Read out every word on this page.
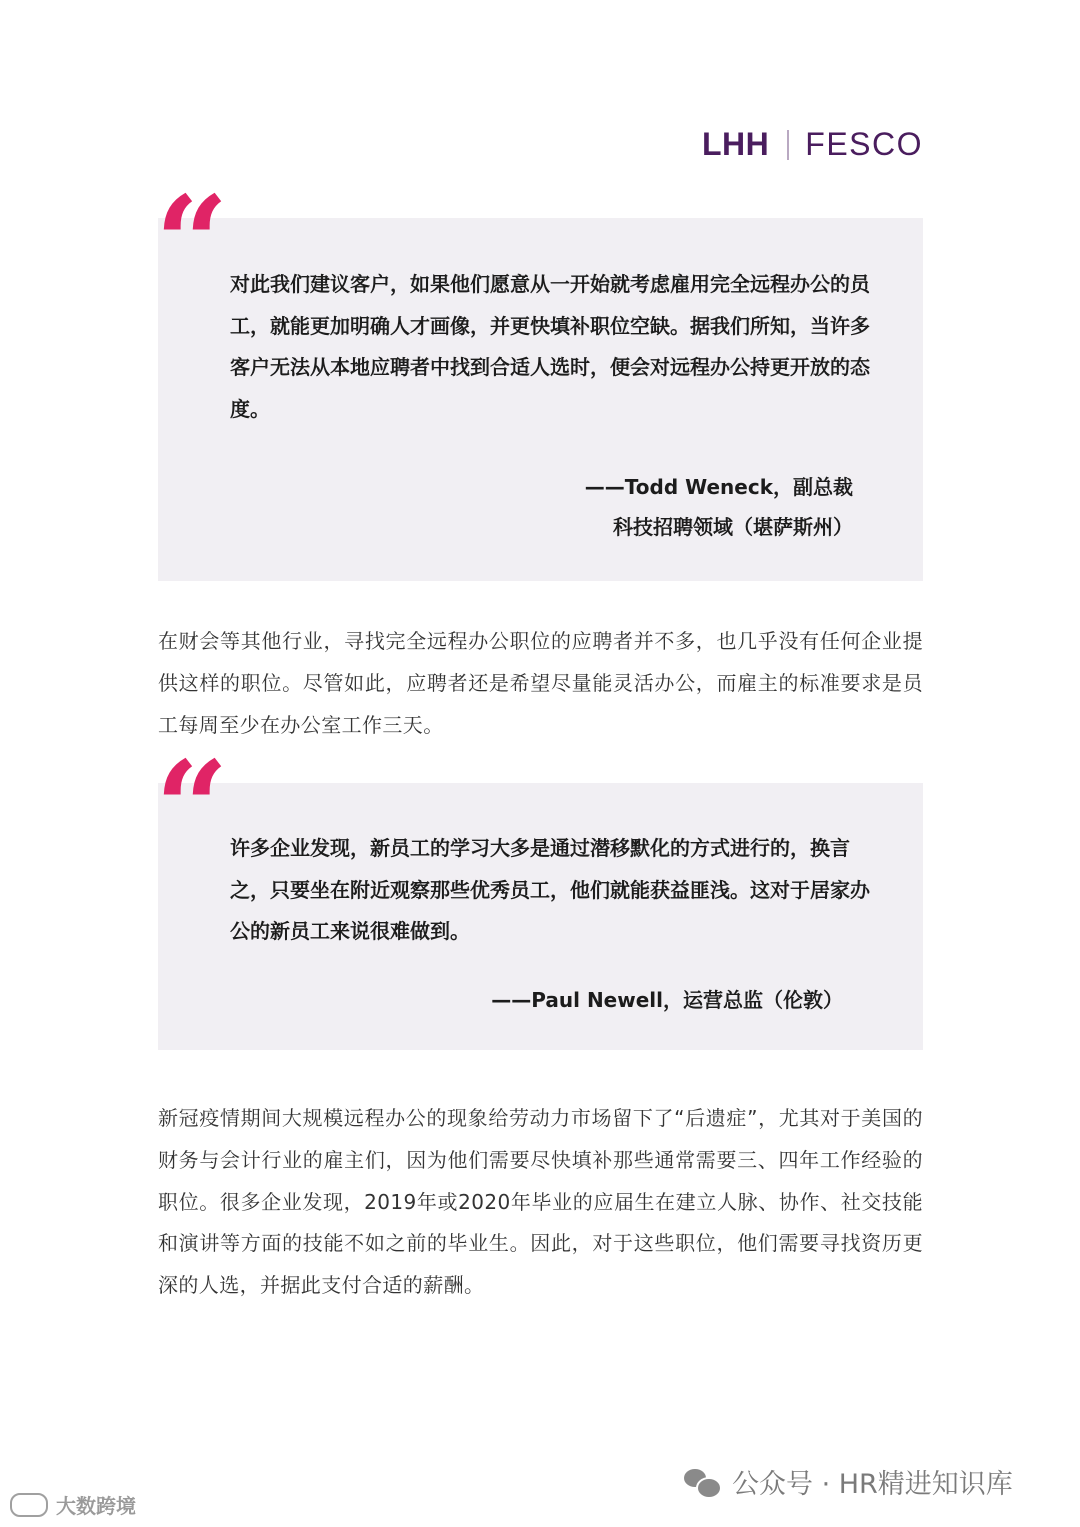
LHH FESCO
对此我们建议客户，如果他们愿意从一开始就考虑雇用完全远程办公的员工，就能更加明确人才画像，并更快填补职位空缺。据我们所知，当许多客户无法从本地应聘者中找到合适人选时，便会对远程办公持更开放的态度。
——Todd Weneck，副总裁
科技招聘领域（堪萨斯州）
“
在财会等其他行业，寻找完全远程办公职位的应聘者并不多，也几乎没有任何企业提供这样的职位。尽管如此，应聘者还是希望尽量能灵活办公，而雇主的标准要求是员工每周至少在办公室工作三天。
许多企业发现，新员工的学习大多是通过潜移默化的方式进行的，换言之，只要坐在附近观察那些优秀员工，他们就能获益匪浅。这对于居家办公的新员工来说很难做到。
——Paul Newell，运营总监（伦敦）
“
新冠疫情期间大规模远程办公的现象给劳动力市场留下了“后遗症”，尤其对于美国的财务与会计行业的雇主们，因为他们需要尽快填补那些通常需要三、四年工作经验的职位。很多企业发现，2019年或2020年毕业的应届生在建立人脉、协作、社交技能和演讲等方面的技能不如之前的毕业生。因此，对于这些职位，他们需要寻找资历更深的人选，并据此支付合适的薪酬。
公众号 · HR精进知识库
大数跨境
